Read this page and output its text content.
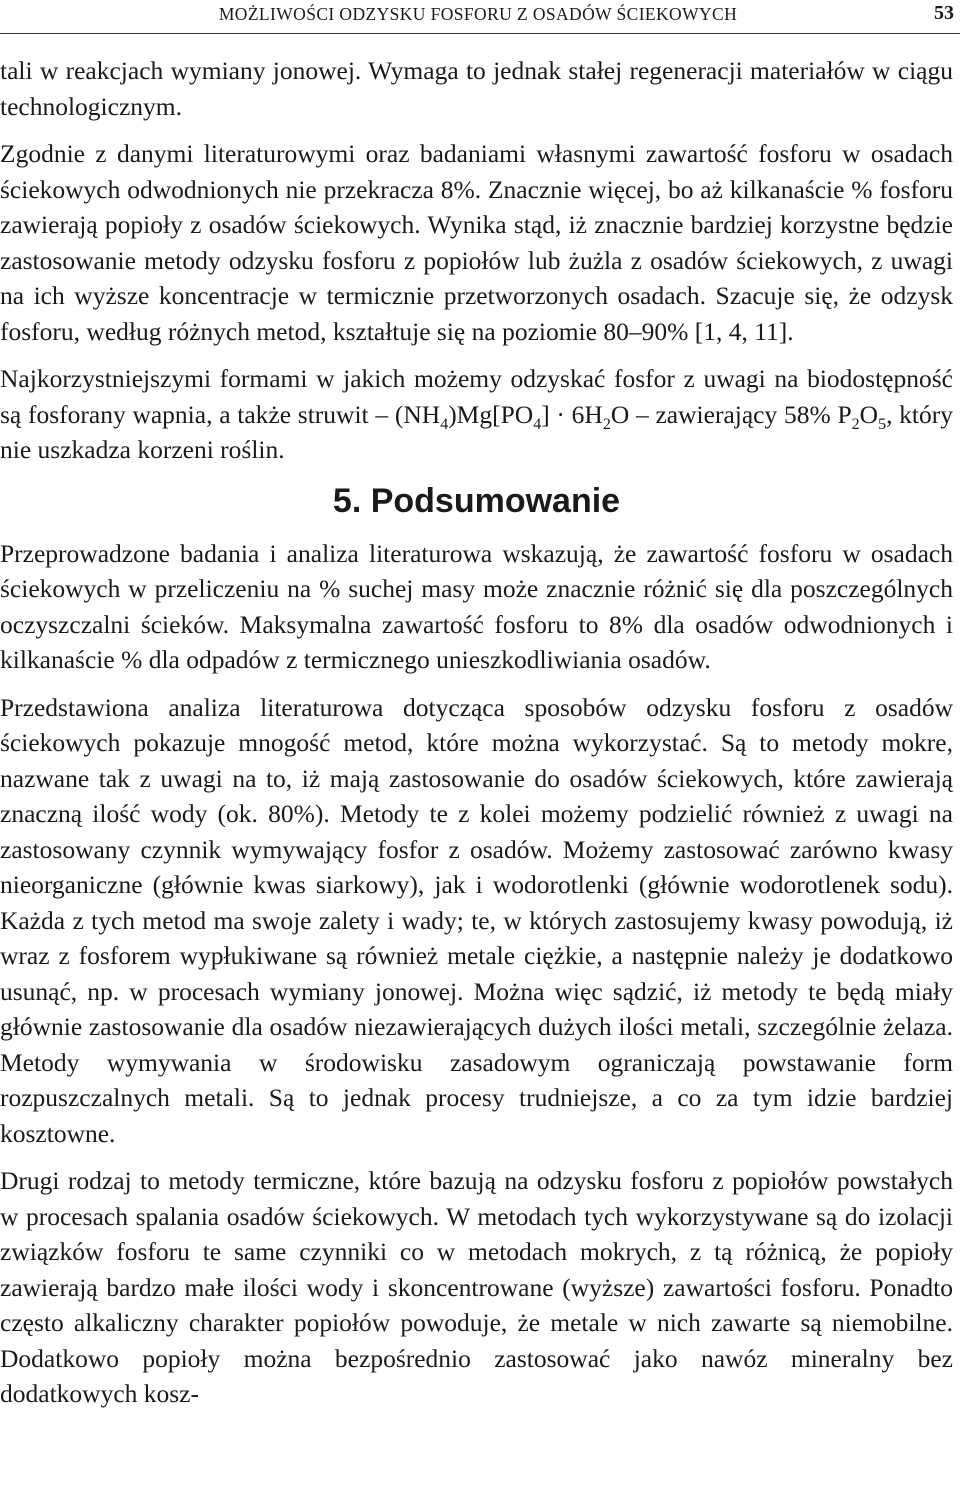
MOŻLIWOŚCI ODZYSKU FOSFORU Z OSADÓW ŚCIEKOWYCH	53

tali w reakcjach wymiany jonowej. Wymaga to jednak stałej regeneracji materiałów w ciągu technologicznym.

Zgodnie z danymi literaturowymi oraz badaniami własnymi zawartość fosforu w osadach ściekowych odwodnionych nie przekracza 8%. Znacznie więcej, bo aż kilkanaście % fosforu zawierają popioły z osadów ściekowych. Wynika stąd, iż znacznie bardziej korzystne będzie zastosowanie metody odzysku fosforu z popiołów lub żużla z osadów ściekowych, z uwagi na ich wyższe koncentracje w termicznie przetworzonych osadach. Szacuje się, że odzysk fosforu, według różnych metod, kształtuje się na poziomie 80–90% [1, 4, 11].

Najkorzystniejszymi formami w jakich możemy odzyskać fosfor z uwagi na biodostępność są fosforany wapnia, a także struwit – $(NH_4)Mg[PO_4] \cdot 6H_2O$ – zawierający 58% $P_2O_5$, który nie uszkadza korzeni roślin.

5. Podsumowanie

Przeprowadzone badania i analiza literaturowa wskazują, że zawartość fosforu w osadach ściekowych w przeliczeniu na % suchej masy może znacznie różnić się dla poszczególnych oczyszczalni ścieków. Maksymalna zawartość fosforu to 8% dla osadów odwodnionych i kilkanaście % dla odpadów z termicznego unieszkodliwiania osadów.

Przedstawiona analiza literaturowa dotycząca sposobów odzysku fosforu z osadów ściekowych pokazuje mnogość metod, które można wykorzystać. Są to metody mokre, nazwane tak z uwagi na to, iż mają zastosowanie do osadów ściekowych, które zawierają znaczną ilość wody (ok. 80%). Metody te z kolei możemy podzielić również z uwagi na zastosowany czynnik wymywający fosfor z osadów. Możemy zastosować zarówno kwasy nieorganiczne (głównie kwas siarkowy), jak i wodorotlenki (głównie wodorotlenek sodu). Każda z tych metod ma swoje zalety i wady; te, w których zastosujemy kwasy powodują, iż wraz z fosforem wypłukiwane są również metale ciężkie, a następnie należy je dodatkowo usunąć, np. w procesach wymiany jonowej. Można więc sądzić, iż metody te będą miały głównie zastosowanie dla osadów niezawierających dużych ilości metali, szczególnie żelaza. Metody wymywania w środowisku zasadowym ograniczają powstawanie form rozpuszczalnych metali. Są to jednak procesy trudniejsze, a co za tym idzie bardziej kosztowne.

Drugi rodzaj to metody termiczne, które bazują na odzysku fosforu z popiołów powstałych w procesach spalania osadów ściekowych. W metodach tych wykorzystywane są do izolacji związków fosforu te same czynniki co w metodach mokrych, z tą różnicą, że popioły zawierają bardzo małe ilości wody i skoncentrowane (wyższe) zawartości fosforu. Ponadto często alkaliczny charakter popiołów powoduje, że metale w nich zawarte są niemobilne. Dodatkowo popioły można bezpośrednio zastosować jako nawóz mineralny bez dodatkowych kosz-
